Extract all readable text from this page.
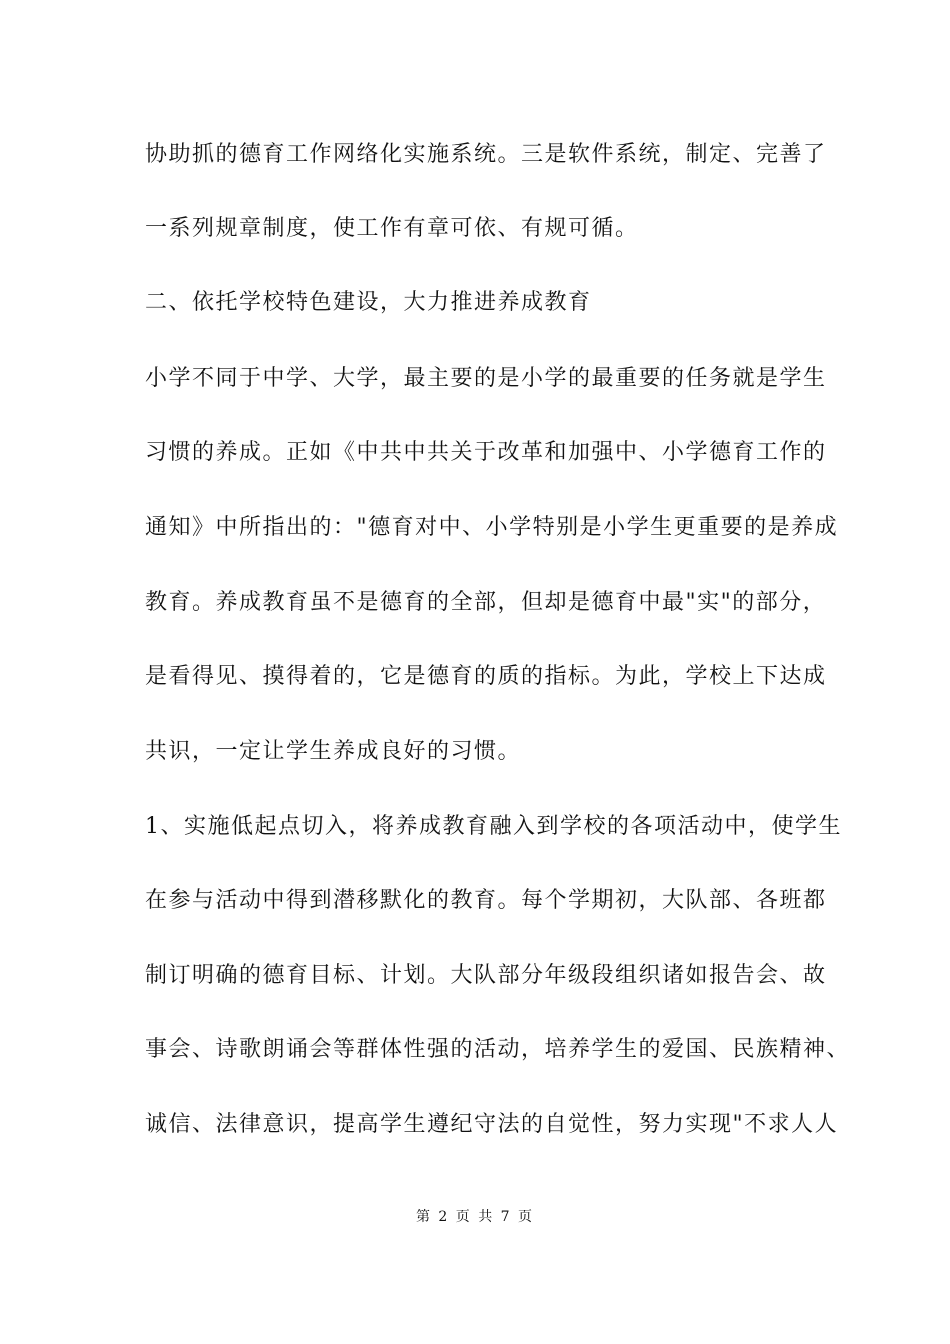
协助抓的德育工作网络化实施系统。三是软件系统，制定、完善了
一系列规章制度，使工作有章可依、有规可循。
二、依托学校特色建设，大力推进养成教育
小学不同于中学、大学，最主要的是小学的最重要的任务就是学生
习惯的养成。正如《中共中共关于改革和加强中、小学德育工作的
通知》中所指出的："德育对中、小学特别是小学生更重要的是养成
教育。养成教育虽不是德育的全部，但却是德育中最"实"的部分，
是看得见、摸得着的，它是德育的质的指标。为此，学校上下达成
共识，一定让学生养成良好的习惯。
1、实施低起点切入，将养成教育融入到学校的各项活动中，使学生
在参与活动中得到潜移默化的教育。每个学期初，大队部、各班都
制订明确的德育目标、计划。大队部分年级段组织诸如报告会、故
事会、诗歌朗诵会等群体性强的活动，培养学生的爱国、民族精神、
诚信、法律意识，提高学生遵纪守法的自觉性，努力实现"不求人人
第 2 页 共 7 页
